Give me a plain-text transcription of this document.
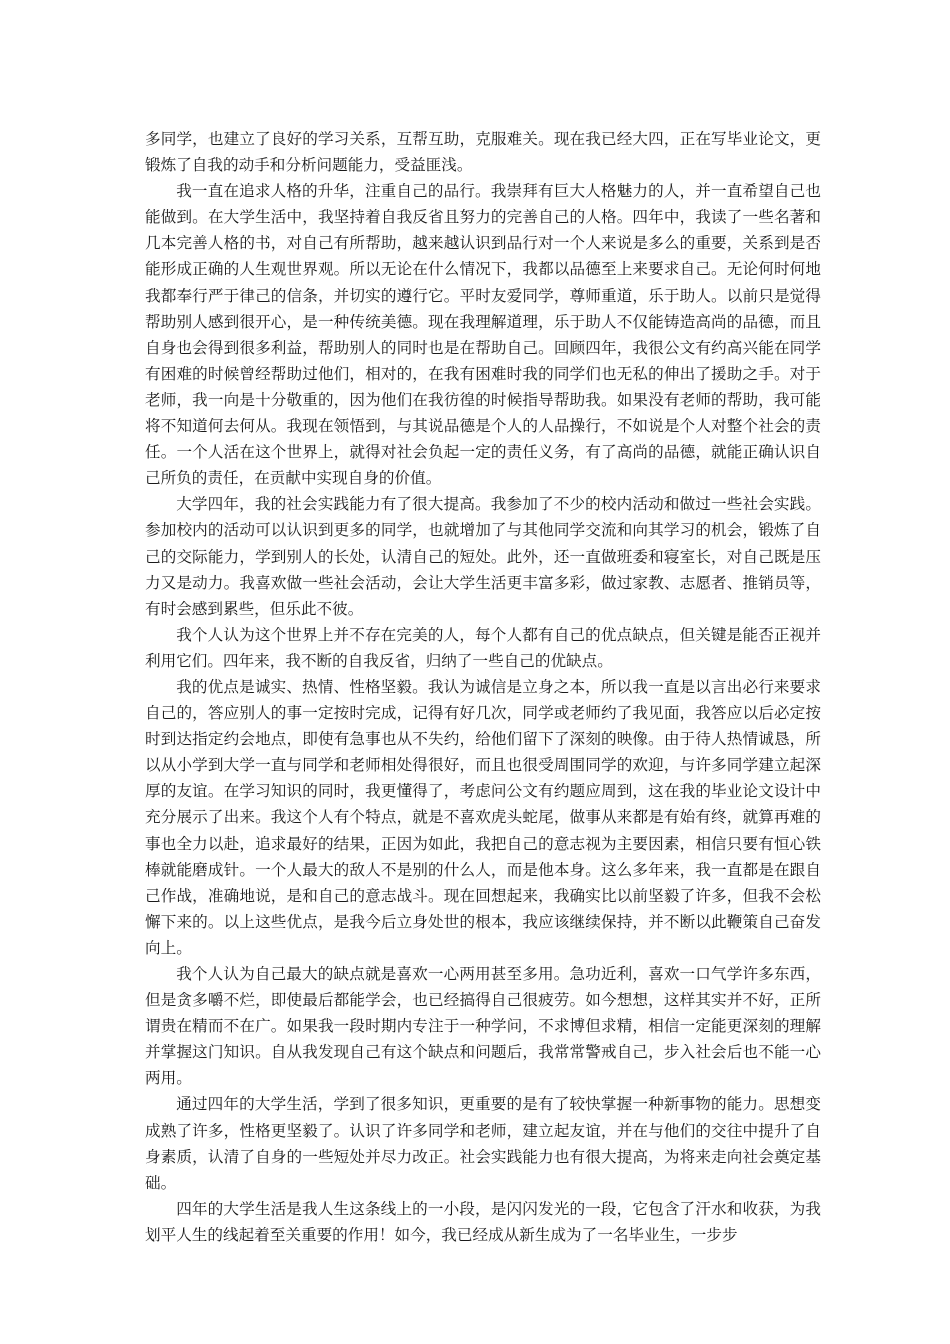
多同学，也建立了良好的学习关系，互帮互助，克服难关。现在我已经大四，正在写毕业论文，更锻炼了自我的动手和分析问题能力，受益匪浅。

我一直在追求人格的升华，注重自己的品行。我崇拜有巨大人格魅力的人，并一直希望自己也能做到。在大学生活中，我坚持着自我反省且努力的完善自己的人格。四年中，我读了一些名著和几本完善人格的书，对自己有所帮助，越来越认识到品行对一个人来说是多么的重要，关系到是否能形成正确的人生观世界观。所以无论在什么情况下，我都以品德至上来要求自己。无论何时何地我都奉行严于律己的信条，并切实的遵行它。平时友爱同学，尊师重道，乐于助人。以前只是觉得帮助别人感到很开心，是一种传统美德。现在我理解道理，乐于助人不仅能铸造高尚的品德，而且自身也会得到很多利益，帮助别人的同时也是在帮助自己。回顾四年，我很公文有约高兴能在同学有困难的时候曾经帮助过他们，相对的，在我有困难时我的同学们也无私的伸出了援助之手。对于老师，我一向是十分敬重的，因为他们在我彷徨的时候指导帮助我。如果没有老师的帮助，我可能将不知道何去何从。我现在领悟到，与其说品德是个人的人品操行，不如说是个人对整个社会的责任。一个人活在这个世界上，就得对社会负起一定的责任义务，有了高尚的品德，就能正确认识自己所负的责任，在贡献中实现自身的价值。

大学四年，我的社会实践能力有了很大提高。我参加了不少的校内活动和做过一些社会实践。参加校内的活动可以认识到更多的同学，也就增加了与其他同学交流和向其学习的机会，锻炼了自己的交际能力，学到别人的长处，认清自己的短处。此外，还一直做班委和寝室长，对自己既是压力又是动力。我喜欢做一些社会活动，会让大学生活更丰富多彩，做过家教、志愿者、推销员等，有时会感到累些，但乐此不彼。

我个人认为这个世界上并不存在完美的人，每个人都有自己的优点缺点，但关键是能否正视并利用它们。四年来，我不断的自我反省，归纳了一些自己的优缺点。

我的优点是诚实、热情、性格坚毅。我认为诚信是立身之本，所以我一直是以言出必行来要求自己的，答应别人的事一定按时完成，记得有好几次，同学或老师约了我见面，我答应以后必定按时到达指定约会地点，即使有急事也从不失约，给他们留下了深刻的映像。由于待人热情诚恳，所以从小学到大学一直与同学和老师相处得很好，而且也很受周围同学的欢迎，与许多同学建立起深厚的友谊。在学习知识的同时，我更懂得了，考虑问公文有约题应周到，这在我的毕业论文设计中充分展示了出来。我这个人有个特点，就是不喜欢虎头蛇尾，做事从来都是有始有终，就算再难的事也全力以赴，追求最好的结果，正因为如此，我把自己的意志视为主要因素，相信只要有恒心铁棒就能磨成针。一个人最大的敌人不是别的什么人，而是他本身。这么多年来，我一直都是在跟自己作战，准确地说，是和自己的意志战斗。现在回想起来，我确实比以前坚毅了许多，但我不会松懈下来的。以上这些优点，是我今后立身处世的根本，我应该继续保持，并不断以此鞭策自己奋发向上。

我个人认为自己最大的缺点就是喜欢一心两用甚至多用。急功近利，喜欢一口气学许多东西，但是贪多嚼不烂，即使最后都能学会，也已经搞得自己很疲劳。如今想想，这样其实并不好，正所谓贵在精而不在广。如果我一段时期内专注于一种学问，不求博但求精，相信一定能更深刻的理解并掌握这门知识。自从我发现自己有这个缺点和问题后，我常常警戒自己，步入社会后也不能一心两用。

通过四年的大学生活，学到了很多知识，更重要的是有了较快掌握一种新事物的能力。思想变成熟了许多，性格更坚毅了。认识了许多同学和老师，建立起友谊，并在与他们的交往中提升了自身素质，认清了自身的一些短处并尽力改正。社会实践能力也有很大提高，为将来走向社会奠定基础。

四年的大学生活是我人生这条线上的一小段，是闪闪发光的一段，它包含了汗水和收获，为我划平人生的线起着至关重要的作用！如今，我已经成从新生成为了一名毕业生，一步步
